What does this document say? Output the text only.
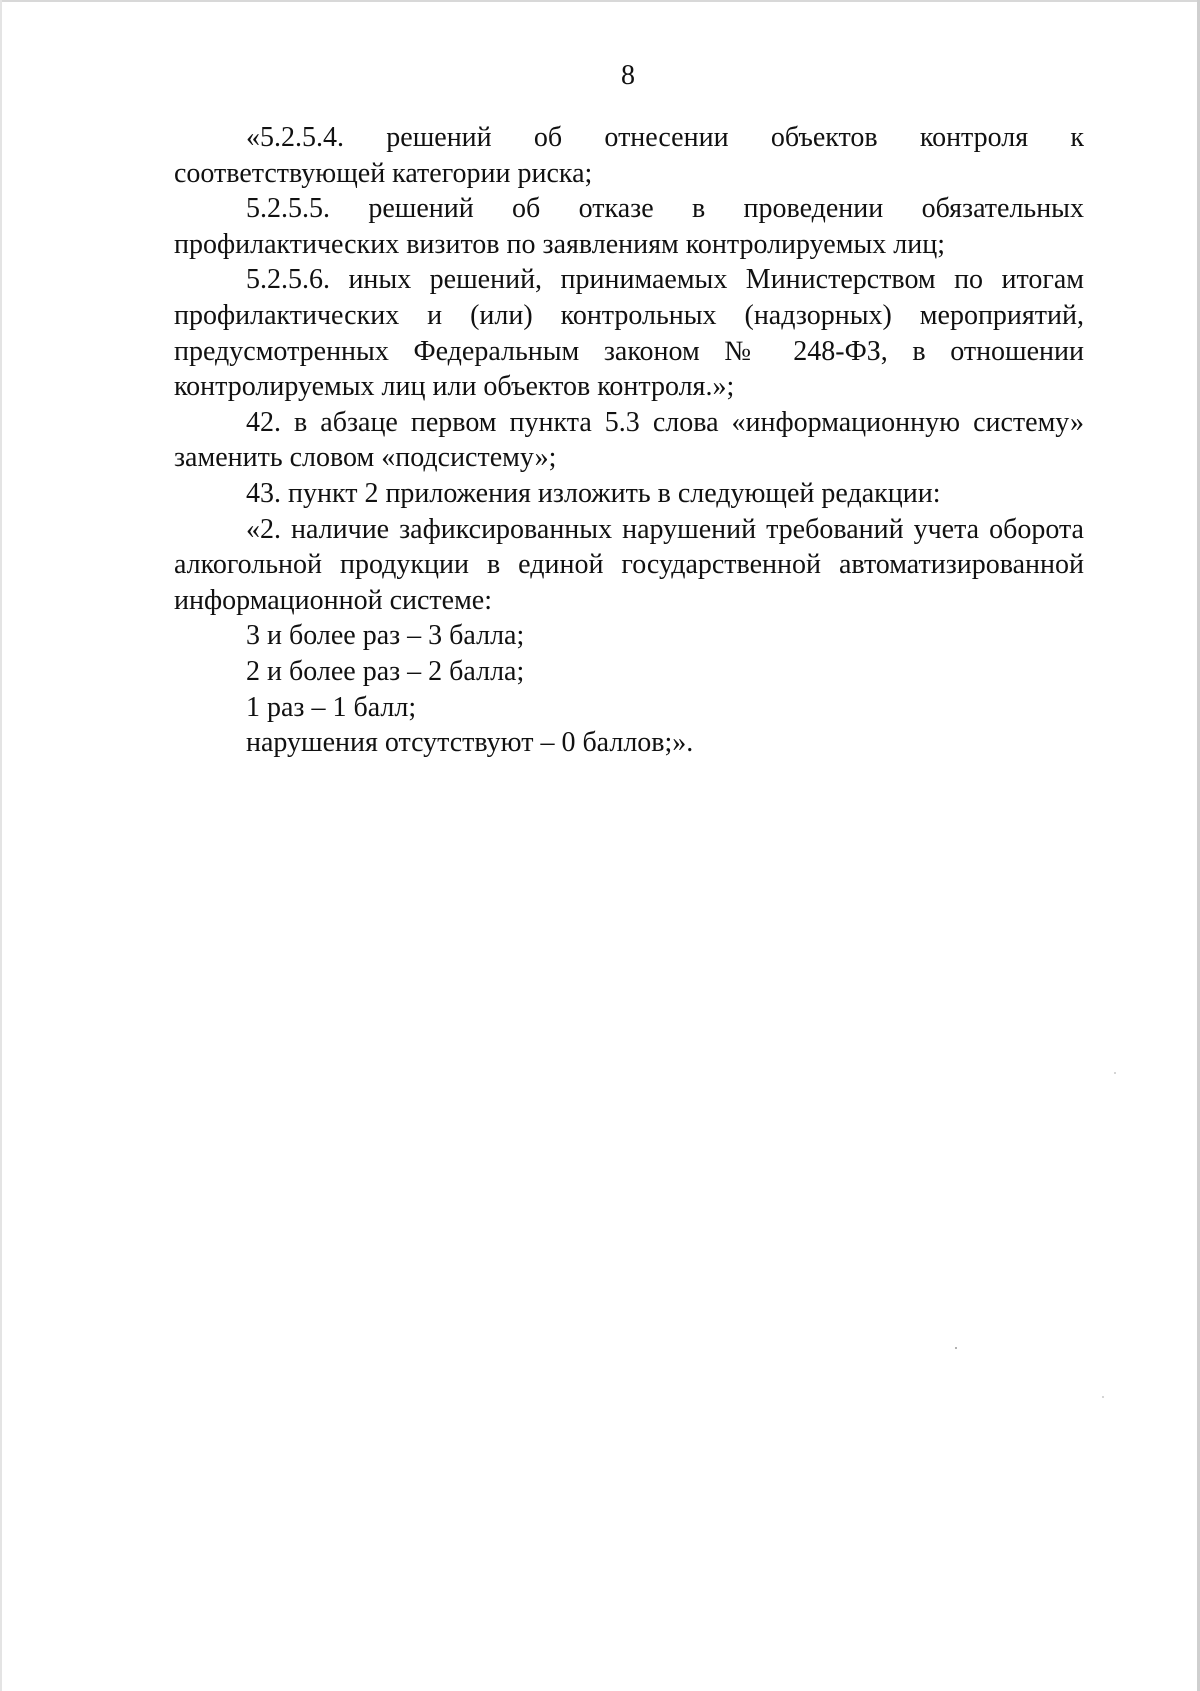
8

«5.2.5.4. решений об отнесении объектов контроля к соответствующей категории риска;

5.2.5.5. решений об отказе в проведении обязательных профилактических визитов по заявлениям контролируемых лиц;

5.2.5.6. иных решений, принимаемых Министерством по итогам профилактических и (или) контрольных (надзорных) мероприятий, предусмотренных Федеральным законом № 248-ФЗ, в отношении контролируемых лиц или объектов контроля.»;

42. в абзаце первом пункта 5.3 слова «информационную систему» заменить словом «подсистему»;

43. пункт 2 приложения изложить в следующей редакции:

«2. наличие зафиксированных нарушений требований учета оборота алкогольной продукции в единой государственной автоматизированной информационной системе:

3 и более раз – 3 балла;

2 и более раз – 2 балла;

1 раз – 1 балл;

нарушения отсутствуют – 0 баллов;».
